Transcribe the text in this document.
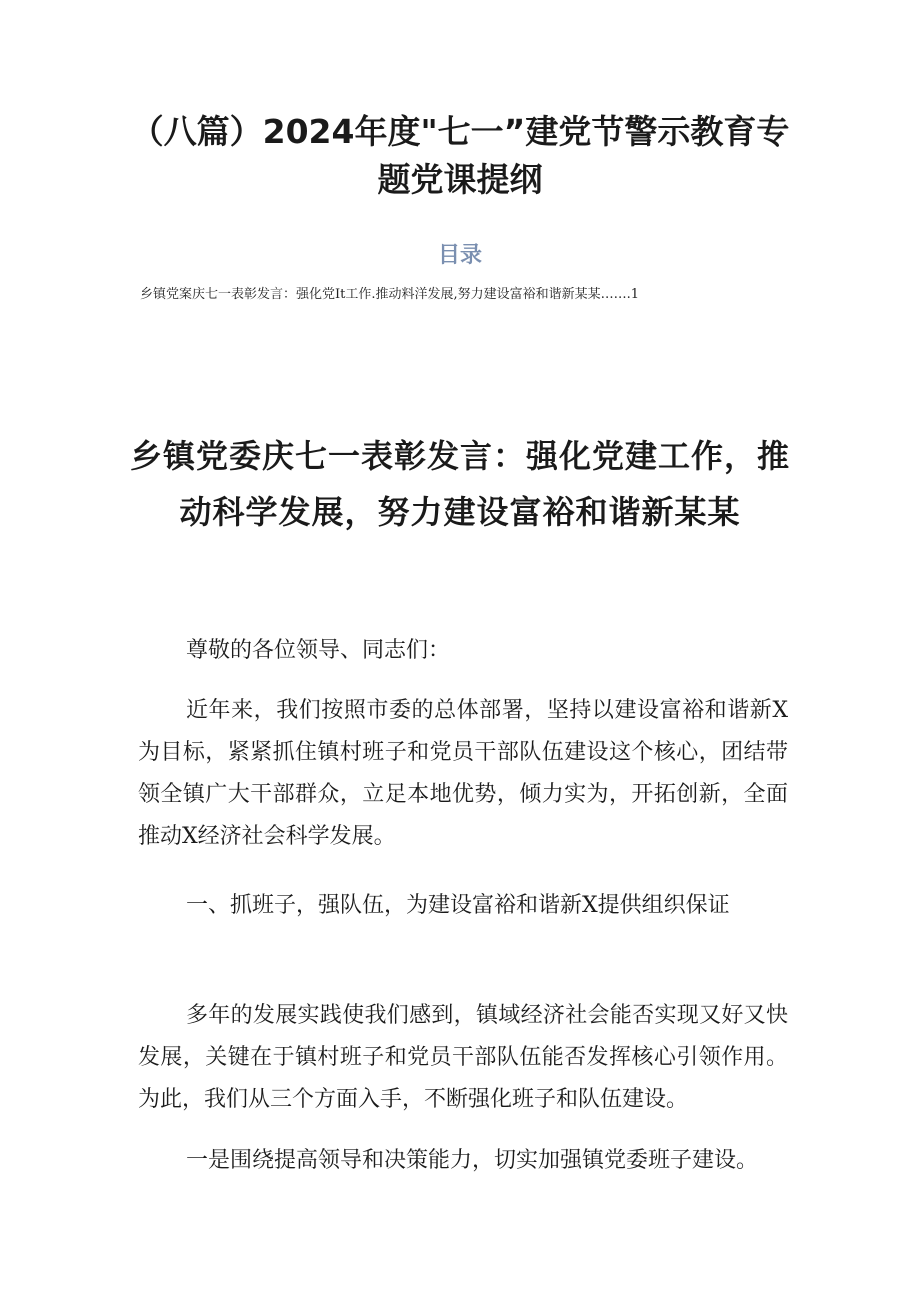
（八篇）2024年度"七一”建党节警示教育专题党课提纲
目录
乡镇党案庆七一表彰发言：强化党It工作.推动料洋发展,努力建设富裕和谐新某某…….1
乡镇党委庆七一表彰发言：强化党建工作，推动科学发展，努力建设富裕和谐新某某

尊敬的各位领导、同志们：

近年来，我们按照市委的总体部署，坚持以建设富裕和谐新X为目标，紧紧抓住镇村班子和党员干部队伍建设这个核心，团结带领全镇广大干部群众，立足本地优势，倾力实为，开拓创新，全面推动X经济社会科学发展。

一、抓班子，强队伍，为建设富裕和谐新X提供组织保证

多年的发展实践使我们感到，镇域经济社会能否实现又好又快发展，关键在于镇村班子和党员干部队伍能否发挥核心引领作用。为此，我们从三个方面入手，不断强化班子和队伍建设。

一是围绕提高领导和决策能力，切实加强镇党委班子建设。
